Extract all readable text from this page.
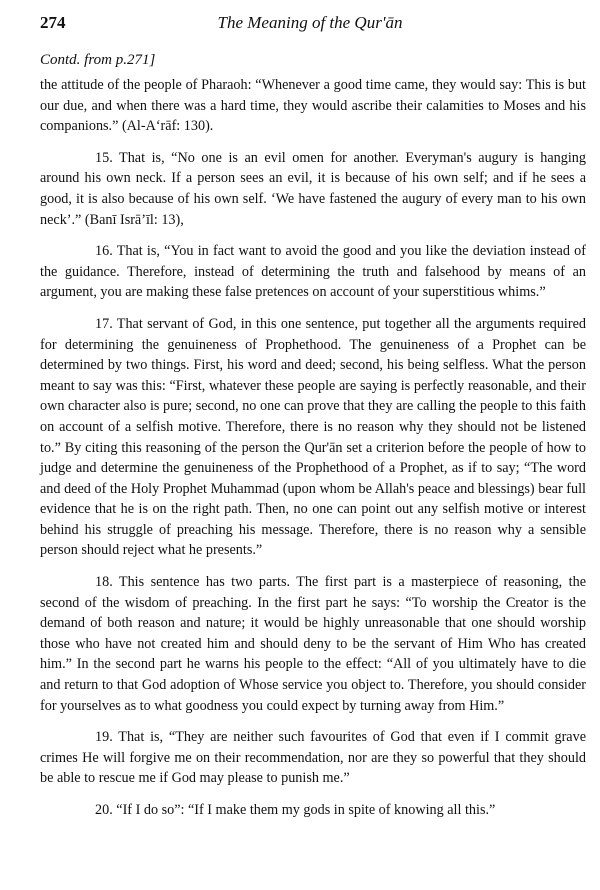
274	The Meaning of the Qur'ān
Contd. from p.271]

the attitude of the people of Pharaoh: “Whenever a good time came, they would say: This is but our due, and when there was a hard time, they would ascribe their calamities to Moses and his companions.” (Al-A‘rāf: 130).

15. That is, “No one is an evil omen for another. Everyman's augury is hanging around his own neck. If a person sees an evil, it is because of his own self; and if he sees a good, it is also because of his own self. ‘We have fastened the augury of every man to his own neck’.” (Banī Isrā’īl: 13),

16. That is, “You in fact want to avoid the good and you like the deviation instead of the guidance. Therefore, instead of determining the truth and falsehood by means of an argument, you are making these false pretences on account of your superstitious whims.”

17. That servant of God, in this one sentence, put together all the arguments required for determining the genuineness of Prophethood. The genuineness of a Prophet can be determined by two things. First, his word and deed; second, his being selfless. What the person meant to say was this: “First, whatever these people are saying is perfectly reasonable, and their own character also is pure; second, no one can prove that they are calling the people to this faith on account of a selfish motive. Therefore, there is no reason why they should not be listened to.” By citing this reasoning of the person the Qur'ān set a criterion before the people of how to judge and determine the genuineness of the Prophethood of a Prophet, as if to say; “The word and deed of the Holy Prophet Muhammad (upon whom be Allah's peace and blessings) bear full evidence that he is on the right path. Then, no one can point out any selfish motive or interest behind his struggle of preaching his message. Therefore, there is no reason why a sensible person should reject what he presents.”

18. This sentence has two parts. The first part is a masterpiece of reasoning, the second of the wisdom of preaching. In the first part he says: “To worship the Creator is the demand of both reason and nature; it would be highly unreasonable that one should worship those who have not created him and should deny to be the servant of Him Who has created him.” In the second part he warns his people to the effect: “All of you ultimately have to die and return to that God adoption of Whose service you object to. Therefore, you should consider for yourselves as to what goodness you could expect by turning away from Him.”

19. That is, “They are neither such favourites of God that even if I commit grave crimes He will forgive me on their recommendation, nor are they so powerful that they should be able to rescue me if God may please to punish me.”

20. “If I do so”: “If I make them my gods in spite of knowing all this.”
